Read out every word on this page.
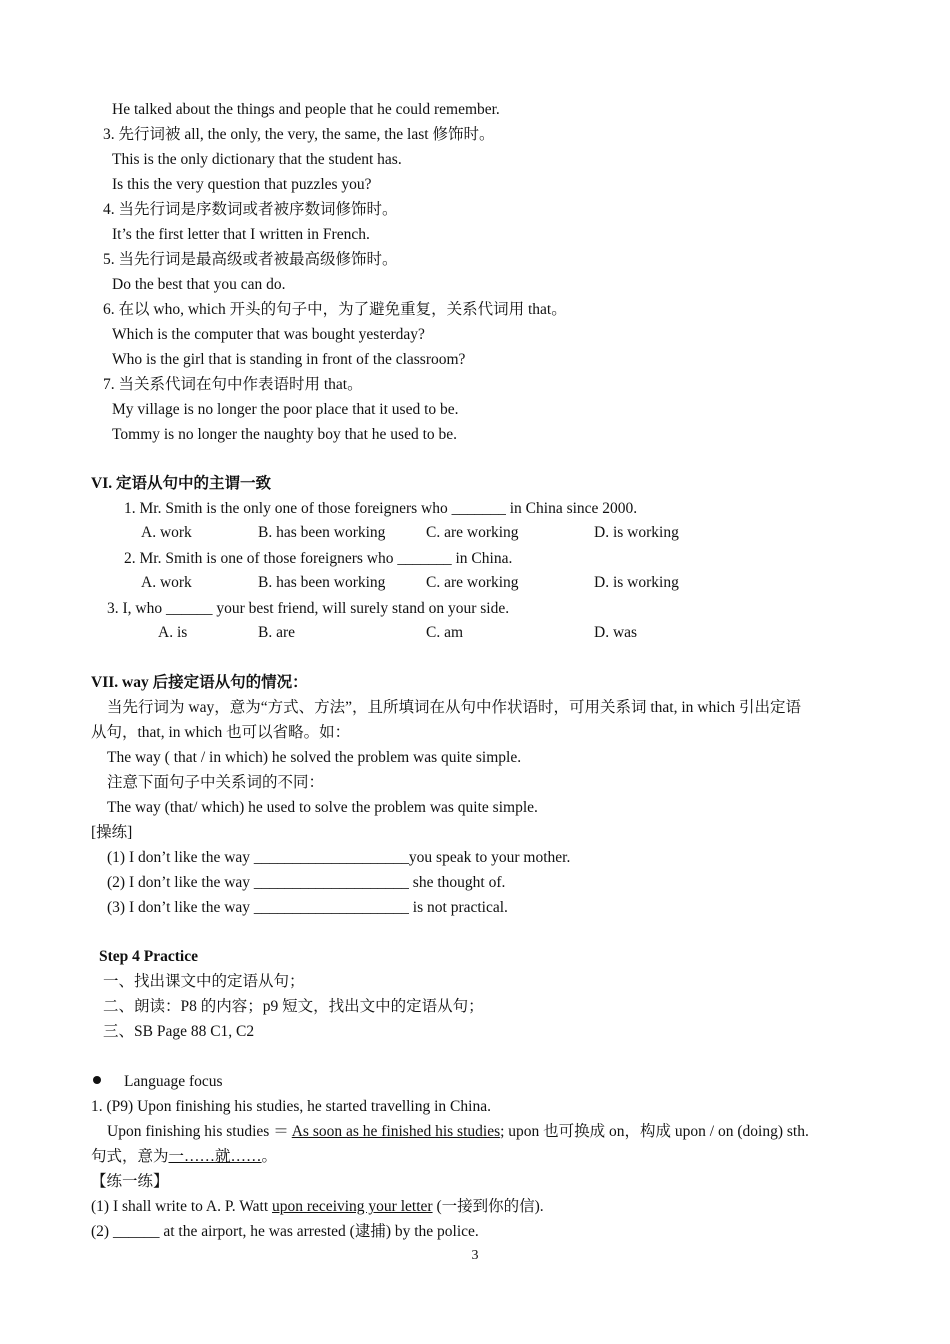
He talked about the things and people that he could remember.
3. 先行词被 all, the only, the very, the same, the last 修饰时。
This is the only dictionary that the student has.
Is this the very question that puzzles you?
4. 当先行词是序数词或者被序数词修饰时。
It’s the first letter that I written in French.
5. 当先行词是最高级或者被最高级修饰时。
Do the best that you can do.
6. 在以 who, which 开头的句子中，为了避免重复，关系代词用 that。
Which is the computer that was bought yesterday?
Who is the girl that is standing in front of the classroom?
7. 当关系代词在句中作表语时用 that。
My village is no longer the poor place that it used to be.
Tommy is no longer the naughty boy that he used to be.
VI. 定语从句中的主谓一致
1. Mr. Smith is the only one of those foreigners who _______ in China since 2000.
A. work	B. has been working	C. are working	D. is working
2. Mr. Smith is one of those foreigners who _______ in China.
A. work	B. has been working	C. are working	D. is working
3. I, who ______ your best friend, will surely stand on your side.
A. is	B. are	C. am	D. was
VII. way 后接定语从句的情况：
当先行词为 way，意为“方式、方法”，且所填词在从句中作状语时，可用关系词 that, in which 引出定语
从句，that, in which 也可以省略。如：
The way ( that / in which) he solved the problem was quite simple.
注意下面句子中关系词的不同：
The way (that/ which) he used to solve the problem was quite simple.
[操练]
(1) I don’t like the way ____________________you speak to your mother.
(2) I don’t like the way ____________________ she thought of.
(3) I don’t like the way ____________________ is not practical.
Step 4 Practice
一、找出课文中的定语从句；
二、朗读：P8 的内容；p9 短文，找出文中的定语从句；
三、SB Page 88 C1, C2
Language focus
1. (P9) Upon finishing his studies, he started travelling in China.
Upon finishing his studies ＝ As soon as he finished his studies; upon 也可换成 on，构成 upon / on (doing) sth.
句式，意为一……就……。
【练一练】
(1) I shall write to A. P. Watt upon receiving your letter (一接到你的信).
(2) ______ at the airport, he was arrested (逮捕) by the police.
3
